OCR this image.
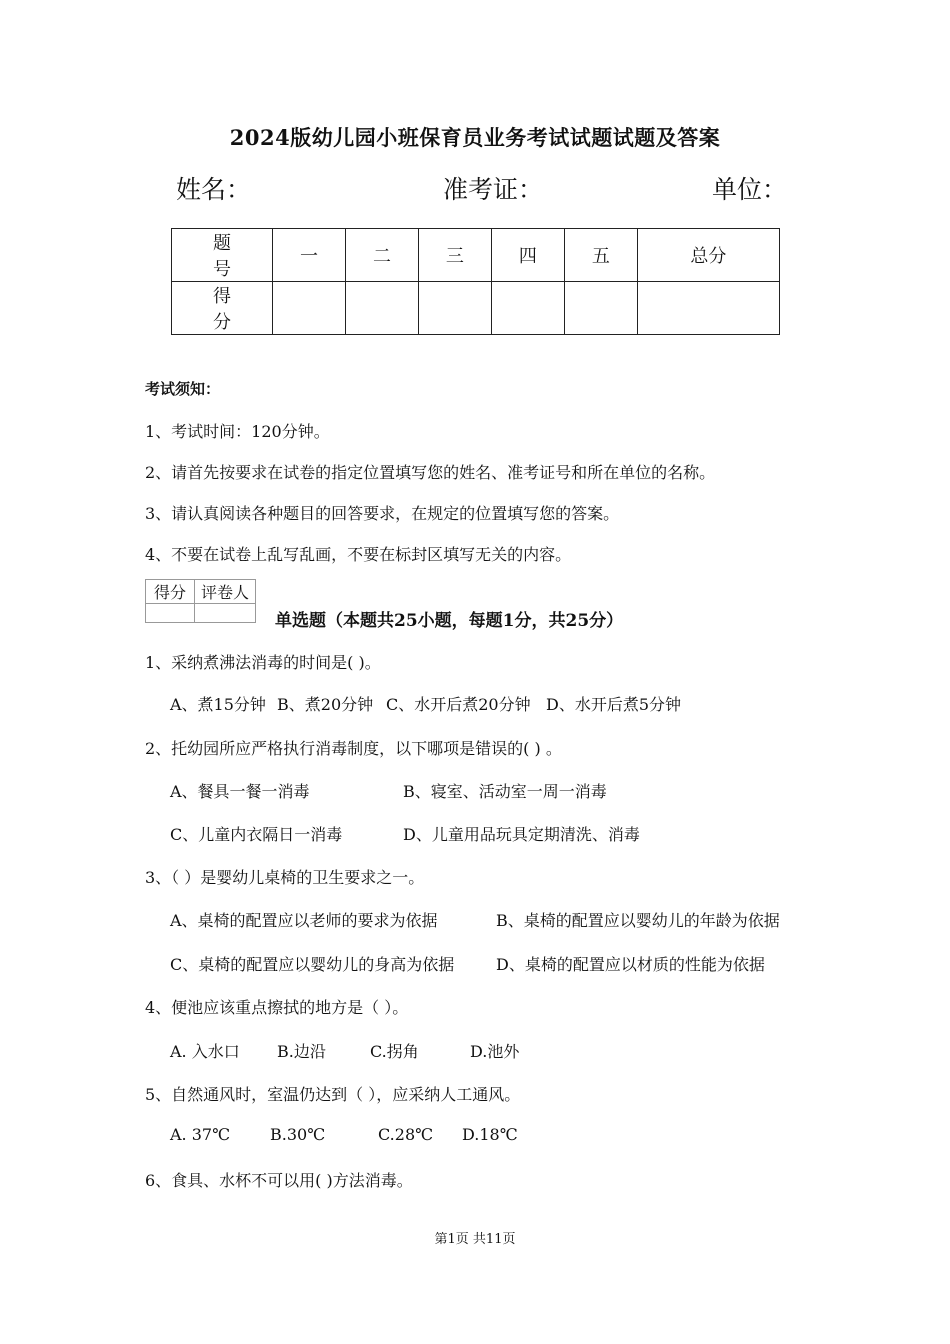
2024版幼儿园小班保育员业务考试试题试题及答案
姓名：	准考证：	单位：
题　号	一	二	三	四	五	总分
得　分						
考试须知：
1、考试时间：120分钟。
2、请首先按要求在试卷的指定位置填写您的姓名、准考证号和所在单位的名称。
3、请认真阅读各种题目的回答要求，在规定的位置填写您的答案。
4、不要在试卷上乱写乱画，不要在标封区填写无关的内容。
得分	评卷人

单选题（本题共25小题，每题1分，共25分）
1、采纳煮沸法消毒的时间是( )。
A、煮15分钟 B、煮20分钟 C、水开后煮20分钟 D、水开后煮5分钟
2、托幼园所应严格执行消毒制度，以下哪项是错误的( ) 。
A、餐具一餐一消毒	B、寝室、活动室一周一消毒
C、儿童内衣隔日一消毒	D、儿童用品玩具定期清洗、消毒
3、（ ）是婴幼儿桌椅的卫生要求之一。
A、桌椅的配置应以老师的要求为依据	B、桌椅的配置应以婴幼儿的年龄为依据
C、桌椅的配置应以婴幼儿的身高为依据	D、桌椅的配置应以材质的性能为依据
4、便池应该重点擦拭的地方是（ ）。
A. 入水口 B.边沿	C.拐角	D.池外
5、自然通风时，室温仍达到（ ），应采纳人工通风。
A. 37℃	B.30℃	C.28℃ D.18℃
6、食具、水杯不可以用( )方法消毒。
第1页 共11页
